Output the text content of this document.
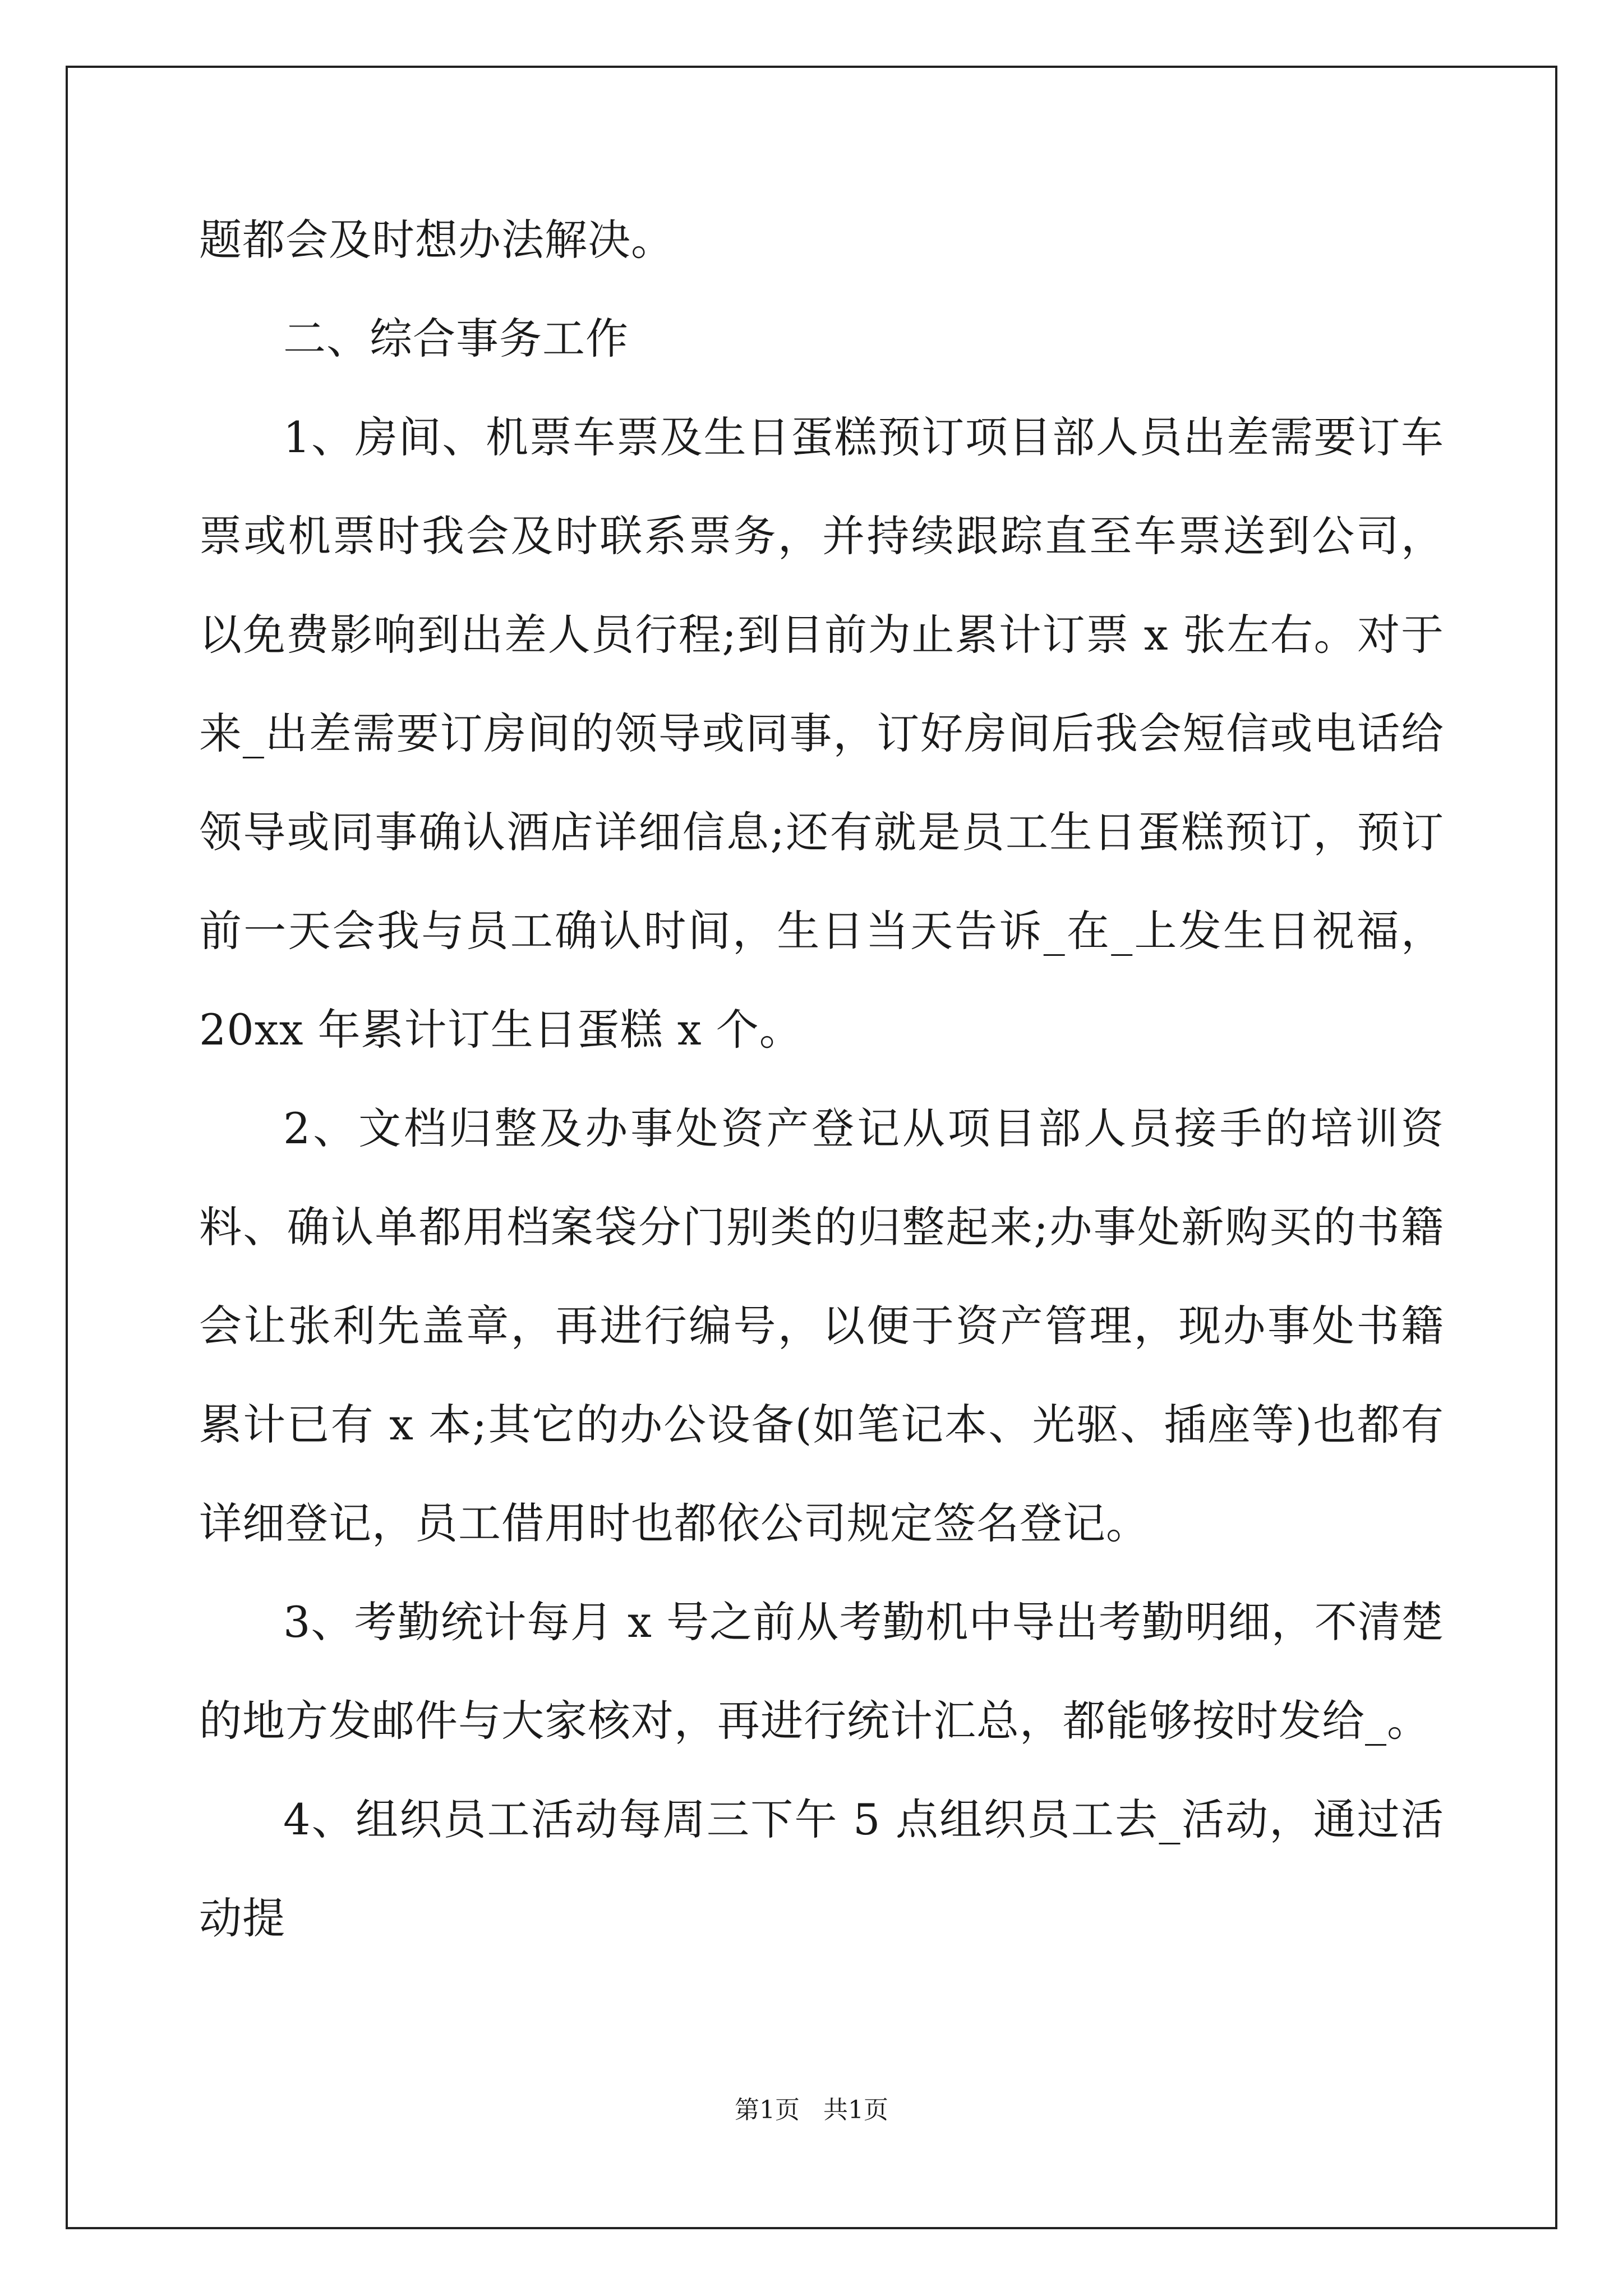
题都会及时想办法解决。

二、综合事务工作

1、房间、机票车票及生日蛋糕预订项目部人员出差需要订车票或机票时我会及时联系票务，并持续跟踪直至车票送到公司，以免费影响到出差人员行程;到目前为止累计订票 x 张左右。对于来_出差需要订房间的领导或同事，订好房间后我会短信或电话给领导或同事确认酒店详细信息;还有就是员工生日蛋糕预订，预订前一天会我与员工确认时间，生日当天告诉_在_上发生日祝福，20xx 年累计订生日蛋糕 x 个。

2、文档归整及办事处资产登记从项目部人员接手的培训资料、确认单都用档案袋分门别类的归整起来;办事处新购买的书籍会让张利先盖章，再进行编号，以便于资产管理，现办事处书籍累计已有 x 本;其它的办公设备(如笔记本、光驱、插座等)也都有详细登记，员工借用时也都依公司规定签名登记。

3、考勤统计每月 x 号之前从考勤机中导出考勤明细，不清楚的地方发邮件与大家核对，再进行统计汇总，都能够按时发给_。

4、组织员工活动每周三下午 5 点组织员工去_活动，通过活动提

第1页 共1页
